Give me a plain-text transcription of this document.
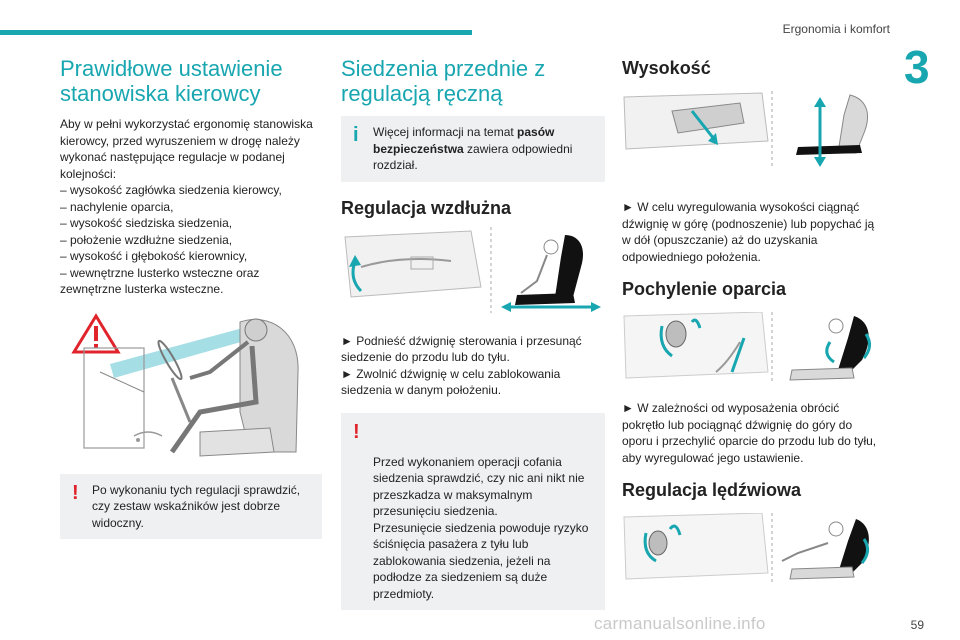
Ergonomia i komfort
3
Prawidłowe ustawienie stanowiska kierowcy

Aby w pełni wykorzystać ergonomię stanowiska kierowcy, przed wyruszeniem w drogę należy wykonać następujące regulacje w podanej kolejności:

– wysokość zagłówka siedzenia kierowcy,
– nachylenie oparcia,
– wysokość siedziska siedzenia,
– położenie wzdłużne siedzenia,
– wysokość i głębokość kierownicy,
– wewnętrzne lusterko wsteczne oraz zewnętrzne lusterka wsteczne.
! Po wykonaniu tych regulacji sprawdzić, czy zestaw wskaźników jest dobrze widoczny.
Siedzenia przednie z regulacją ręczną
i Więcej informacji na temat pasów bezpieczeństwa zawiera odpowiedni rozdział.
Regulacja wzdłużna

► Podnieść dźwignię sterowania i przesunąć siedzenie do przodu lub do tyłu.

► Zwolnić dźwignię w celu zablokowania siedzenia w danym położeniu.

!

Przed wykonaniem operacji cofania siedzenia sprawdzić, czy nic ani nikt nie przeszkadza w maksymalnym przesunięciu siedzenia.
Przesunięcie siedzenia powoduje ryzyko ściśnięcia pasażera z tyłu lub zablokowania siedzenia, jeżeli na podłodze za siedzeniem są duże przedmioty.

Wysokość

► W celu wyregulowania wysokości ciągnąć dźwignię w górę (podnoszenie) lub popychać ją w dół (opuszczanie) aż do uzyskania odpowiedniego położenia.

Pochylenie oparcia

► W zależności od wyposażenia obrócić pokrętło lub pociągnąć dźwignię do góry do oporu i przechylić oparcie do przodu lub do tyłu, aby wyregulować jego ustawienie.

Regulacja lędźwiowa
carmanualsonline.info	59
